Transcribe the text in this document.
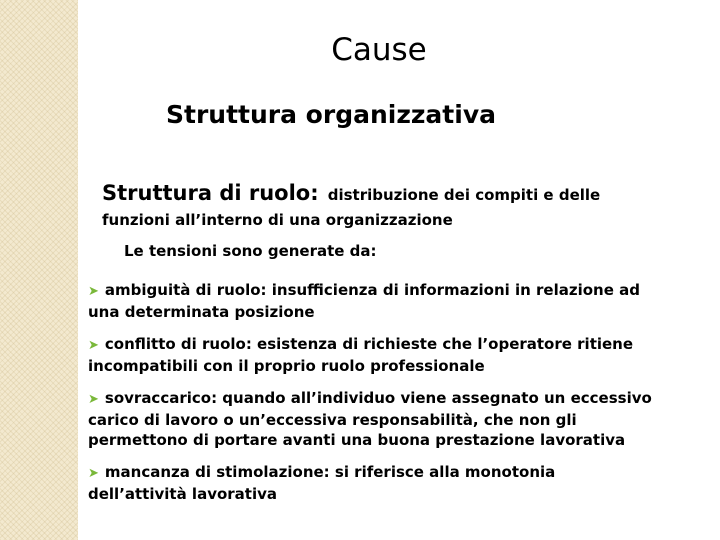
Cause
Struttura organizzativa
Struttura di ruolo: distribuzione dei compiti e delle
funzioni all’interno di una organizzazione

Le tensioni sono generate da:

➤ ambiguità di ruolo: insufficienza di informazioni in relazione ad
una determinata posizione
➤ conflitto di ruolo: esistenza di richieste che l’operatore ritiene
incompatibili con il proprio ruolo professionale
➤ sovraccarico: quando all’individuo viene assegnato un eccessivo
carico di lavoro o un’eccessiva responsabilità, che non gli
permettono di portare avanti una buona prestazione lavorativa
➤ mancanza di stimolazione: si riferisce alla monotonia
dell’attività lavorativa
